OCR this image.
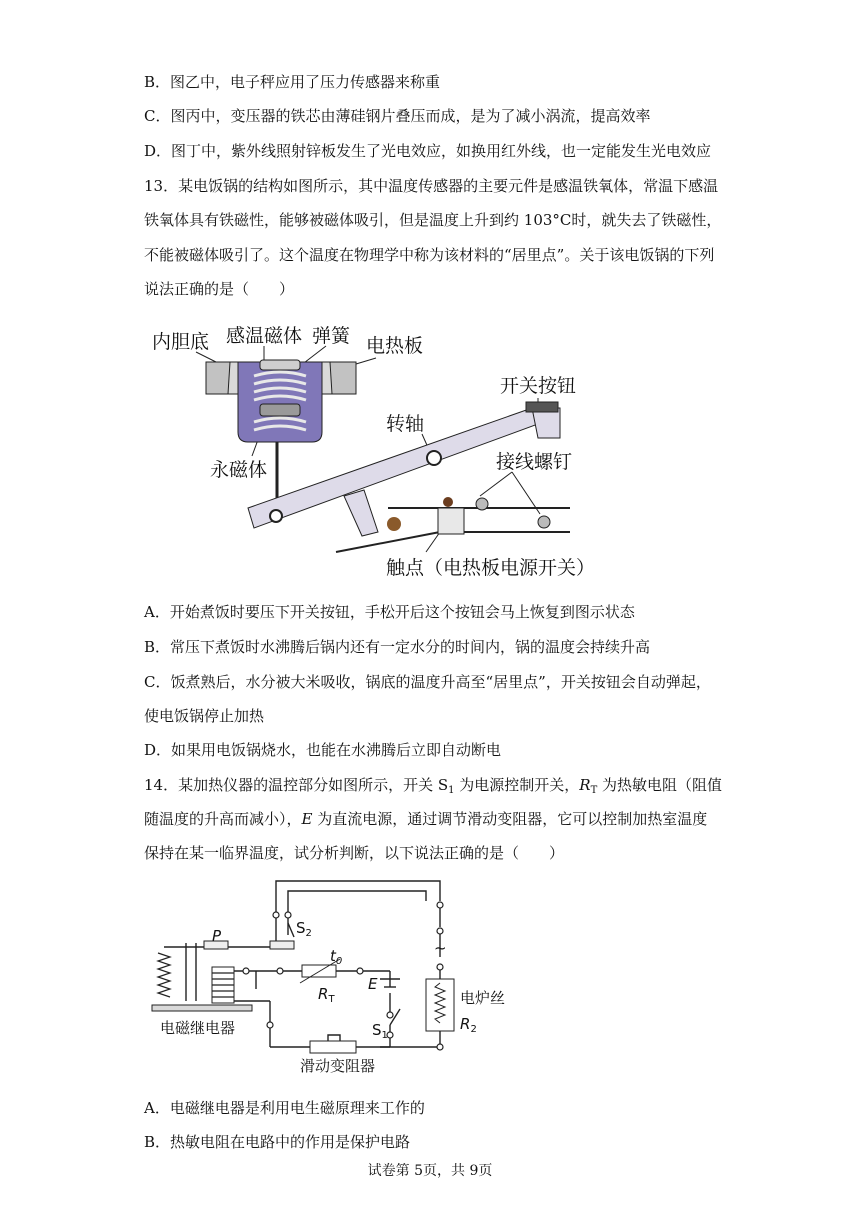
B．图乙中，电子秤应用了压力传感器来称重
C．图丙中，变压器的铁芯由薄硅钢片叠压而成，是为了减小涡流，提高效率
D．图丁中，紫外线照射锌板发生了光电效应，如换用红外线，也一定能发生光电效应
13．某电饭锅的结构如图所示，其中温度传感器的主要元件是感温铁氧体，常温下感温
铁氧体具有铁磁性，能够被磁体吸引，但是温度上升到约 103°C时，就失去了铁磁性，
不能被磁体吸引了。这个温度在物理学中称为该材料的“居里点”。关于该电饭锅的下列
说法正确的是（　　）
内胆底 感温磁体 弹簧 电热板
开关按钮
转轴
接线螺钉
永磁体
触点（电热板电源开关）
A．开始煮饭时要压下开关按钮，手松开后这个按钮会马上恢复到图示状态
B．常压下煮饭时水沸腾后锅内还有一定水分的时间内，锅的温度会持续升高
C．饭煮熟后，水分被大米吸收，锅底的温度升高至“居里点”，开关按钮会自动弹起，
使电饭锅停止加热
D．如果用电饭锅烧水，也能在水沸腾后立即自动断电
14．某加热仪器的温控部分如图所示，开关 $S_1$ 为电源控制开关，$R_T$ 为热敏电阻（阻值
随温度的升高而减小），E 为直流电源，通过调节滑动变阻器，它可以控制加热室温度
保持在某一临界温度，试分析判断，以下说法正确的是（　　）
$S_2$
P
$t_0$
E
$R_T$
$S_1$
电炉丝
$R_2$
电磁继电器
滑动变阻器
~
A．电磁继电器是利用电生磁原理来工作的
B．热敏电阻在电路中的作用是保护电路
试卷第 5页，共 9页
